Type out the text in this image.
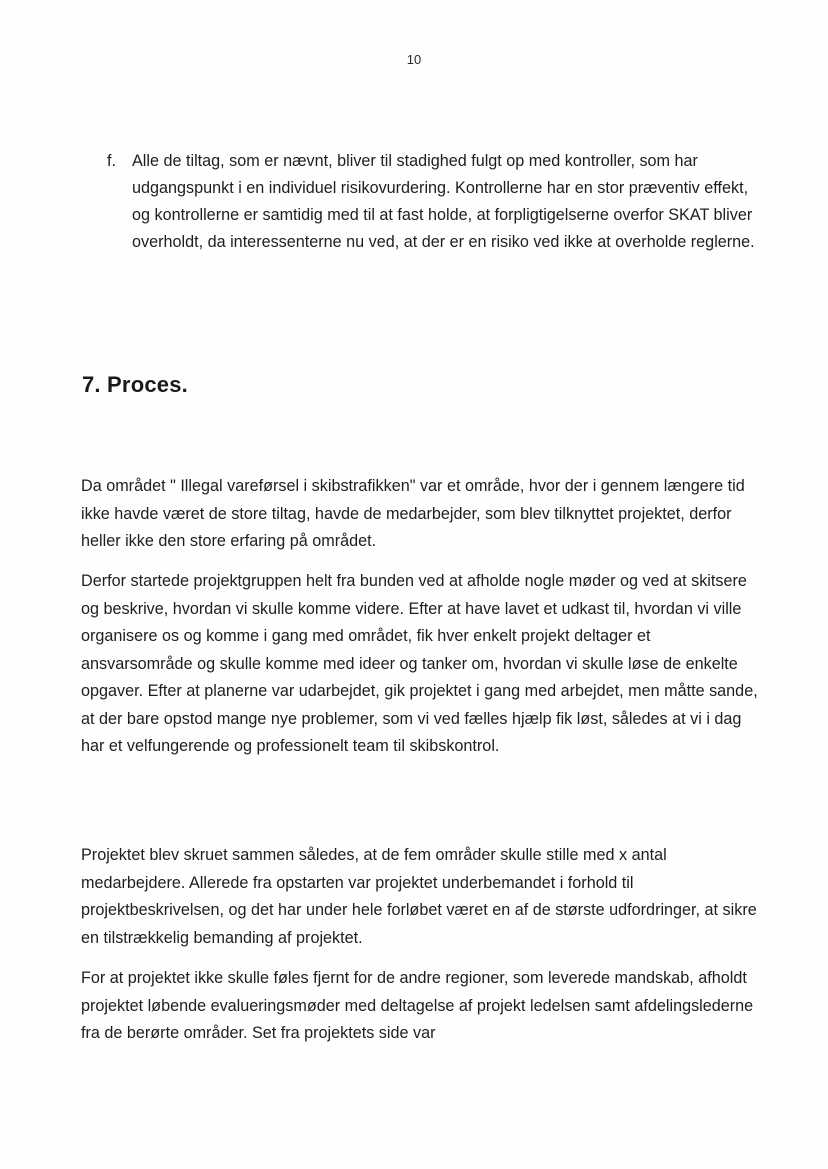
10
f. Alle de tiltag, som er nævnt, bliver til stadighed fulgt op med kontroller, som har udgangspunkt i en individuel risikovurdering. Kontrollerne har en stor præventiv effekt, og kontrollerne er samtidig med til at fast holde, at forpligtigelserne overfor SKAT bliver overholdt, da interessenterne nu ved, at der er en risiko ved ikke at overholde reglerne.
7. Proces.

Da området " Illegal vareførsel i skibstrafikken" var et område, hvor der i gennem længere tid ikke havde været de store tiltag, havde de medarbejder, som blev tilknyttet projektet, derfor heller ikke den store erfaring på området.

Derfor startede projektgruppen helt fra bunden ved at afholde nogle møder og ved at skitsere og beskrive, hvordan vi skulle komme videre. Efter at have lavet et udkast til, hvordan vi ville organisere os og komme i gang med området, fik hver enkelt projekt deltager et ansvarsområde og skulle komme med ideer og tanker om, hvordan vi skulle løse de enkelte opgaver. Efter at planerne var udarbejdet, gik projektet i gang med arbejdet, men måtte sande, at der bare opstod mange nye problemer, som vi ved fælles hjælp fik løst, således at vi i dag har et velfungerende og professionelt team til skibskontrol.

Projektet blev skruet sammen således, at de fem områder skulle stille med x antal medarbejdere. Allerede fra opstarten var projektet underbemandet i forhold til projektbeskrivelsen, og det har under hele forløbet været en af de største udfordringer, at sikre en tilstrækkelig bemanding af projektet.

For at projektet ikke skulle føles fjernt for de andre regioner, som leverede mandskab, afholdt projektet løbende evalueringsmøder med deltagelse af projekt ledelsen samt afdelingslederne fra de berørte områder. Set fra projektets side var
